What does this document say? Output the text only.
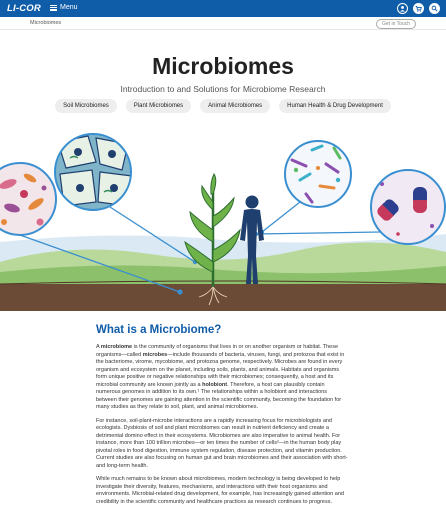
LI-COR	Menu
Microbiomes	Get in Touch
Microbiomes
Introduction to and Solutions for Microbiome Research
Soil Microbiomes	Plant Microbiomes	Animal Microbiomes	Human Health & Drug Development
What is a Microbiome?

A microbiome is the community of organisms that lives in or on another organism or habitat. These organisms—called microbes—include thousands of bacteria, viruses, fungi, and protozoa that exist in the bacteriome, virome, mycobiome, and protozoa genome, respectively. Microbes are found in every organism and ecosystem on the planet, including soils, plants, and animals. Habitats and organisms form unique positive or negative relationships with their microbiomes; consequently, a host and its microbial community are known jointly as a holobiont. Therefore, a host can plausibly contain numerous genomes in addition to its own.¹ The relationships within a holobiont and interactions between their genomes are gaining attention in the scientific community, becoming the foundation for many studies as they relate to soil, plant, and animal microbiomes.

For instance, soil-plant-microbe interactions are a rapidly increasing focus for microbiologists and ecologists. Dysbiosis of soil and plant microbiomes can result in nutrient deficiency and create a detrimental domino effect in their ecosystems. Microbiomes are also imperative to animal health. For instance, more than 100 trillion microbes—or ten times the number of cells²—in the human body play pivotal roles in food digestion, immune system regulation, disease protection, and vitamin production. Current studies are also focusing on human gut and brain microbiomes and their association with short- and long-term health.

While much remains to be known about microbiomes, modern technology is being developed to help investigate their diversity, features, mechanisms, and interactions with their host organisms and environments. Microbial-related drug development, for example, has increasingly gained attention and credibility in the scientific community and healthcare practices as research continues to progress.
